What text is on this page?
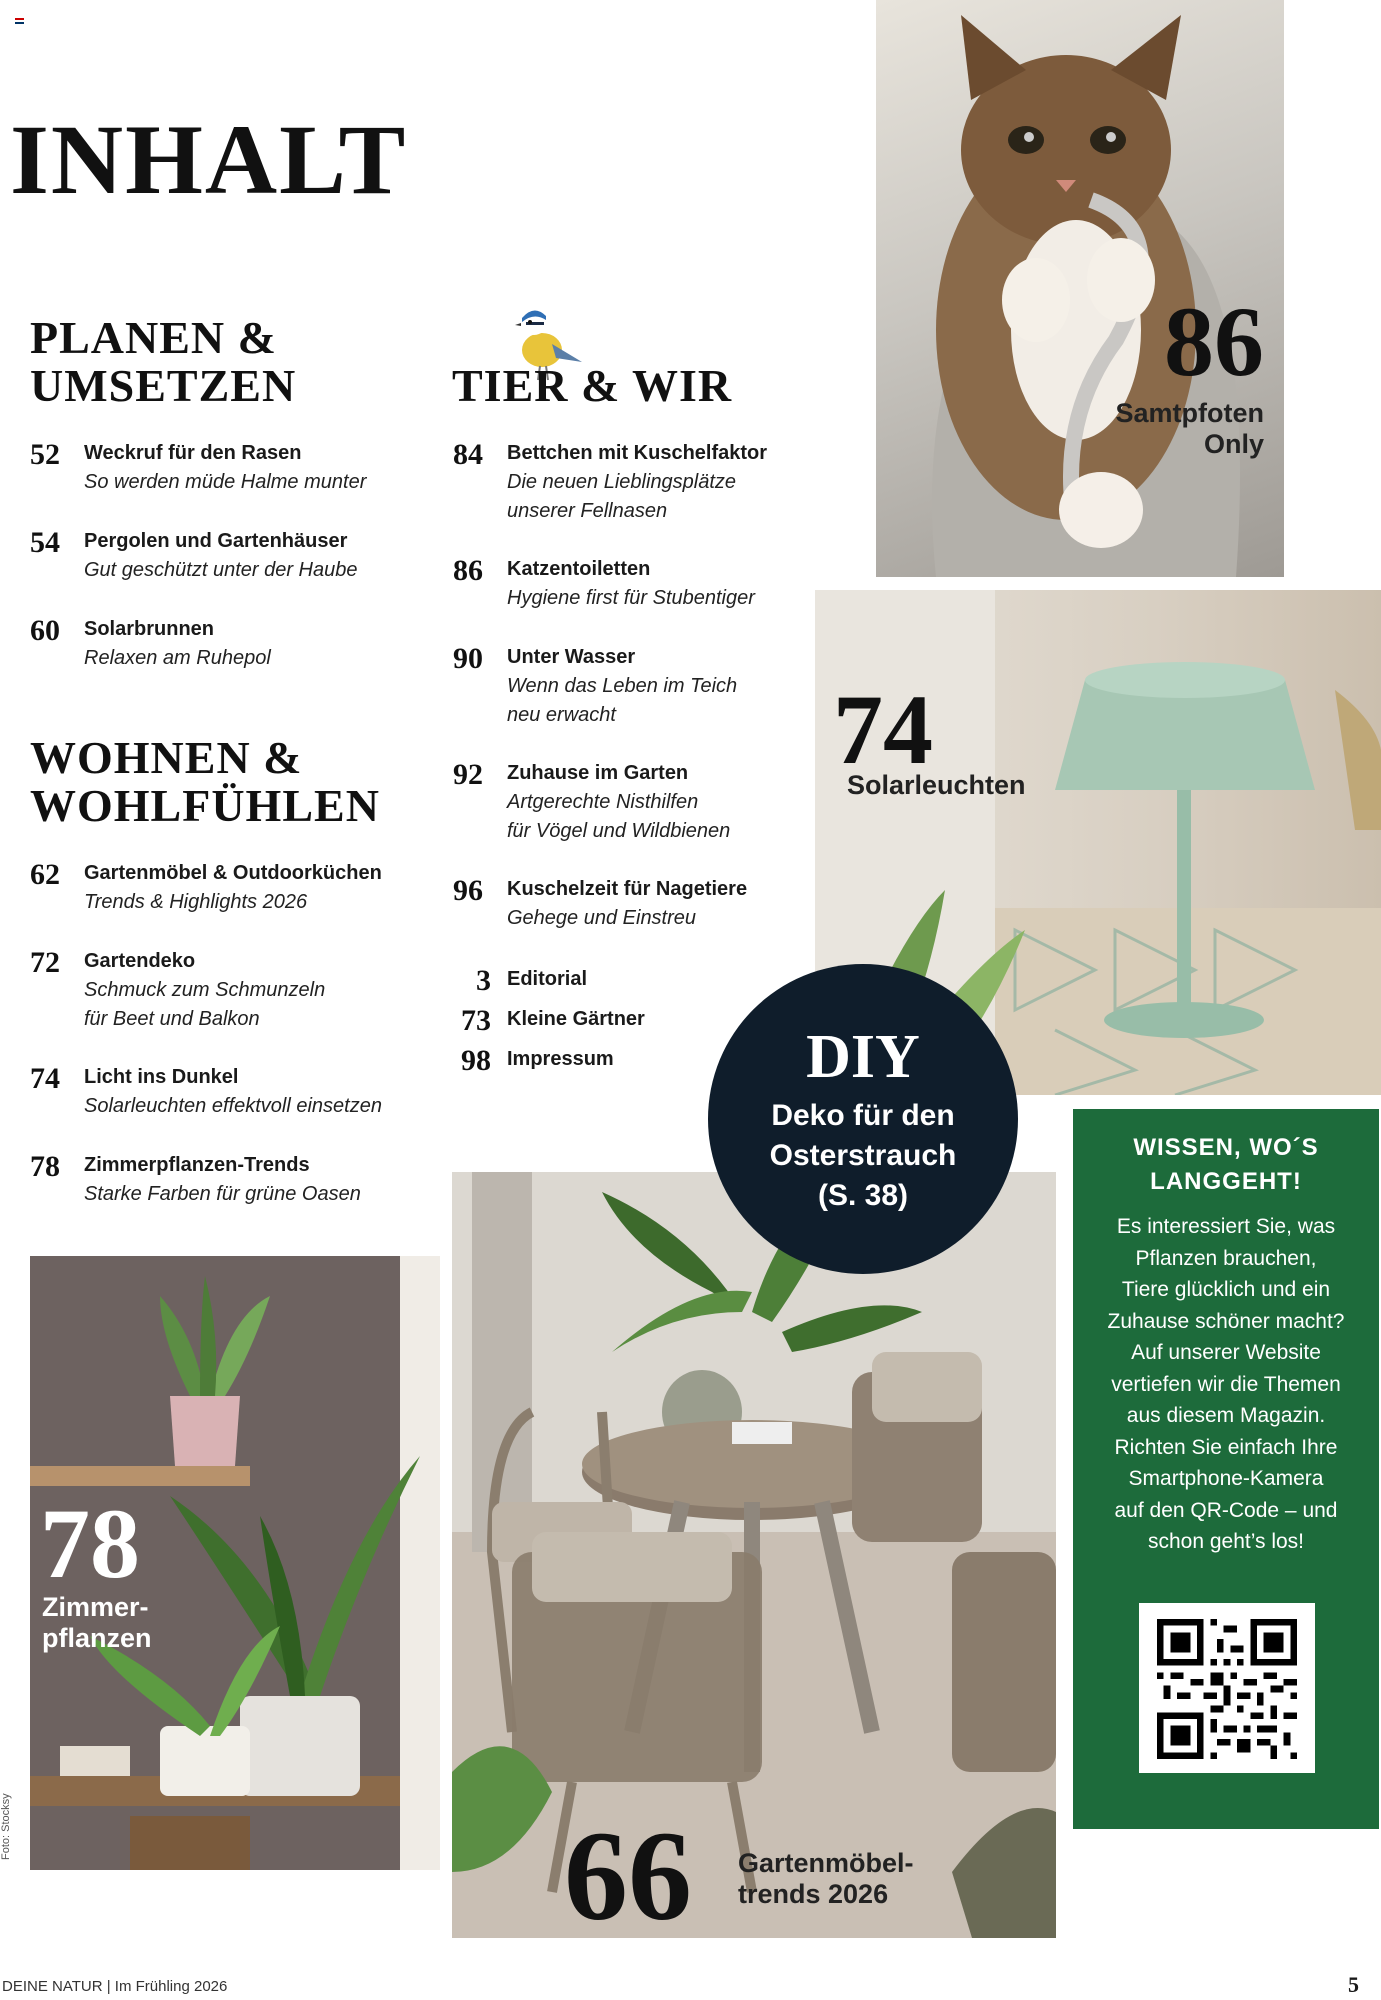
INHALT
PLANEN &
UMSETZEN
52	Weckruf für den Rasen
So werden müde Halme munter
54	Pergolen und Gartenhäuser
Gut geschützt unter der Haube
60	Solarbrunnen
Relaxen am Ruhepol
WOHNEN &
WOHLFÜHLEN
62	Gartenmöbel & Outdoorküchen
Trends & Highlights 2026
72	Gartendeko
Schmuck zum Schmunzeln
für Beet und Balkon
74	Licht ins Dunkel
Solarleuchten effektvoll einsetzen
78	Zimmerpflanzen-Trends
Starke Farben für grüne Oasen
TIER & WIR
84	Bettchen mit Kuschelfaktor
Die neuen Lieblingsplätze
unserer Fellnasen
86	Katzentoiletten
Hygiene first für Stubentiger
90	Unter Wasser
Wenn das Leben im Teich
neu erwacht
92	Zuhause im Garten
Artgerechte Nisthilfen
für Vögel und Wildbienen
96	Kuschelzeit für Nagetiere
Gehege und Einstreu
3 Editorial
73 Kleine Gärtner
98 Impressum
86
Samtpfoten
Only
74
Solarleuchten
78
Zimmer-
pflanzen
66 Gartenmöbel-
trends 2026
DIY
Deko für den
Osterstrauch
(S. 38)
WISSEN, WO´S
LANGGEHT!
Es interessiert Sie, was
Pflanzen brauchen,
Tiere glücklich und ein
Zuhause schöner macht?
Auf unserer Website
vertiefen wir die Themen
aus diesem Magazin.
Richten Sie einfach Ihre
Smartphone-Kamera
auf den QR-Code – und
schon geht’s los!
Foto: Stocksy
DEINE NATUR | Im Frühling 2026	5
